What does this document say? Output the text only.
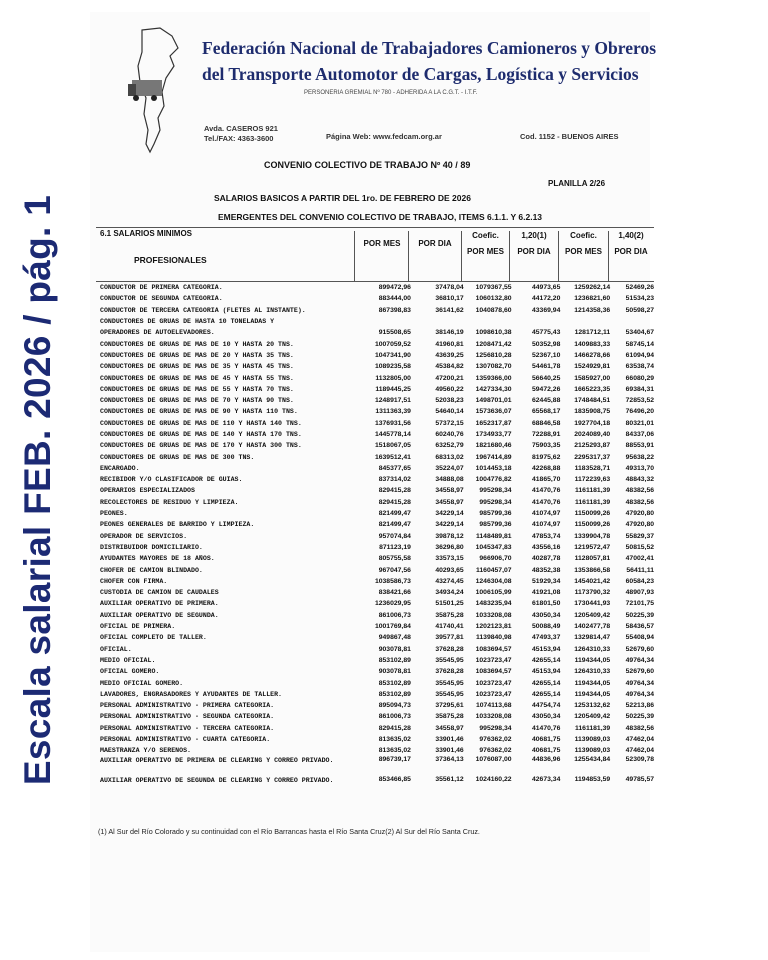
Escala salarial FEB. 2026 / pág. 1
Federación Nacional de Trabajadores Camioneros y Obreros
del Transporte Automotor de Cargas, Logística y Servicios
PERSONERIA GREMIAL Nº 780 - ADHERIDA A LA C.G.T. - I.T.F.
Avda. CASEROS 921
Tel./FAX: 4363-3600	Página Web: www.fedcam.org.ar	Cod. 1152 - BUENOS AIRES
CONVENIO COLECTIVO DE TRABAJO Nº 40 / 89
PLANILLA 2/26
SALARIOS BASICOS A PARTIR DEL 1ro. DE FEBRERO DE 2026
EMERGENTES DEL CONVENIO COLECTIVO DE TRABAJO, ITEMS 6.1.1. Y 6.2.13
6.1 SALARIOS MINIMOS
PROFESIONALES
POR MES	POR DIA
Coefic.	1,20(1)	Coefic.	1,40(2)
POR MES	POR DIA	POR MES	POR DIA
CONDUCTOR DE PRIMERA CATEGORIA.	899472,96	37478,04	1079367,55	44973,65	1259262,14	52469,26
CONDUCTOR DE SEGUNDA CATEGORIA.	883444,00	36810,17	1060132,80	44172,20	1236821,60	51534,23
CONDUCTOR DE TERCERA CATEGORIA (FLETES AL INSTANTE).	867398,83	36141,62	1040878,60	43369,94	1214358,36	50598,27
CONDUCTORES DE GRUAS DE HASTA 10 TONELADAS Y
OPERADORES DE AUTOELEVADORES.	915508,65	38146,19	1098610,38	45775,43	1281712,11	53404,67
CONDUCTORES DE GRUAS DE MAS DE 10 Y HASTA 20 TNS.	1007059,52	41960,81	1208471,42	50352,98	1409883,33	58745,14
CONDUCTORES DE GRUAS DE MAS DE 20 Y HASTA 35 TNS.	1047341,90	43639,25	1256810,28	52367,10	1466278,66	61094,94
CONDUCTORES DE GRUAS DE MAS DE 35 Y HASTA 45 TNS.	1089235,58	45384,82	1307082,70	54461,78	1524929,81	63538,74
CONDUCTORES DE GRUAS DE MAS DE 45 Y HASTA 55 TNS.	1132805,00	47200,21	1359366,00	56640,25	1585927,00	66080,29
CONDUCTORES DE GRUAS DE MAS DE 55 Y HASTA 70 TNS.	1189445,25	49560,22	1427334,30	59472,26	1665223,35	69384,31
CONDUCTORES DE GRUAS DE MAS DE 70 Y HASTA 90 TNS.	1248917,51	52038,23	1498701,01	62445,88	1748484,51	72853,52
CONDUCTORES DE GRUAS DE MAS DE 90 Y HASTA 110 TNS.	1311363,39	54640,14	1573636,07	65568,17	1835908,75	76496,20
CONDUCTORES DE GRUAS DE MAS DE 110 Y HASTA 140 TNS.	1376931,56	57372,15	1652317,87	68846,58	1927704,18	80321,01
CONDUCTORES DE GRUAS DE MAS DE 140 Y HASTA 170 TNS.	1445778,14	60240,76	1734933,77	72288,91	2024089,40	84337,06
CONDUCTORES DE GRUAS DE MAS DE 170 Y HASTA 300 TNS.	1518067,05	63252,79	1821680,46	75903,35	2125293,87	88553,91
CONDUCTORES DE GRUAS DE MAS DE 300 TNS.	1639512,41	68313,02	1967414,89	81975,62	2295317,37	95638,22
ENCARGADO.	845377,65	35224,07	1014453,18	42268,88	1183528,71	49313,70
RECIBIDOR Y/O CLASIFICADOR DE GUIAS.	837314,02	34888,08	1004776,82	41865,70	1172239,63	48843,32
OPERARIOS ESPECIALIZADOS	829415,28	34558,97	995298,34	41470,76	1161181,39	48382,56
RECOLECTORES DE RESIDUO Y LIMPIEZA.	829415,28	34558,97	995298,34	41470,76	1161181,39	48382,56
PEONES.	821499,47	34229,14	985799,36	41074,97	1150099,26	47920,80
PEONES GENERALES DE BARRIDO Y LIMPIEZA.	821499,47	34229,14	985799,36	41074,97	1150099,26	47920,80
OPERADOR DE SERVICIOS.	957074,84	39878,12	1148489,81	47853,74	1339904,78	55829,37
DISTRIBUIDOR DOMICILIARIO.	871123,19	36296,80	1045347,83	43556,16	1219572,47	50815,52
AYUDANTES MAYORES DE 18 AÑOS.	805755,58	33573,15	966906,70	40287,78	1128057,81	47002,41
CHOFER DE CAMION BLINDADO.	967047,56	40293,65	1160457,07	48352,38	1353866,58	56411,11
CHOFER CON FIRMA.	1038586,73	43274,45	1246304,08	51929,34	1454021,42	60584,23
CUSTODIA DE CAMION DE CAUDALES	838421,66	34934,24	1006105,99	41921,08	1173790,32	48907,93
AUXILIAR OPERATIVO DE PRIMERA.	1236029,95	51501,25	1483235,94	61801,50	1730441,93	72101,75
AUXILIAR OPERATIVO DE SEGUNDA.	861006,73	35875,28	1033208,08	43050,34	1205409,42	50225,39
OFICIAL DE PRIMERA.	1001769,84	41740,41	1202123,81	50088,49	1402477,78	58436,57
OFICIAL COMPLETO DE TALLER.	949867,48	39577,81	1139840,98	47493,37	1329814,47	55408,94
OFICIAL.	903078,81	37628,28	1083694,57	45153,94	1264310,33	52679,60
MEDIO OFICIAL.	853102,89	35545,95	1023723,47	42655,14	1194344,05	49764,34
OFICIAL GOMERO.	903078,81	37628,28	1083694,57	45153,94	1264310,33	52679,60
MEDIO OFICIAL GOMERO.	853102,89	35545,95	1023723,47	42655,14	1194344,05	49764,34
LAVADORES, ENGRASADORES Y AYUDANTES DE TALLER.	853102,89	35545,95	1023723,47	42655,14	1194344,05	49764,34
PERSONAL ADMINISTRATIVO - PRIMERA CATEGORIA.	895094,73	37295,61	1074113,68	44754,74	1253132,62	52213,86
PERSONAL ADMINISTRATIVO - SEGUNDA CATEGORIA.	861006,73	35875,28	1033208,08	43050,34	1205409,42	50225,39
PERSONAL ADMINISTRATIVO - TERCERA CATEGORIA.	829415,28	34558,97	995298,34	41470,76	1161181,39	48382,56
PERSONAL ADMINISTRATIVO - CUARTA CATEGORIA.	813635,02	33901,46	976362,02	40681,75	1139089,03	47462,04
MAESTRANZA Y/O SERENOS.	813635,02	33901,46	976362,02	40681,75	1139089,03	47462,04
AUXILIAR OPERATIVO DE PRIMERA DE CLEARING Y CORREO PRIVADO.	896739,17	37364,13	1076087,00	44836,96	1255434,84	52309,78
AUXILIAR OPERATIVO DE SEGUNDA DE CLEARING Y CORREO PRIVADO.	853466,85	35561,12	1024160,22	42673,34	1194853,59	49785,57
(1) Al Sur del Río Colorado y su continuidad con el Río Barrancas hasta el Río Santa Cruz(2) Al Sur del Río Santa Cruz.
